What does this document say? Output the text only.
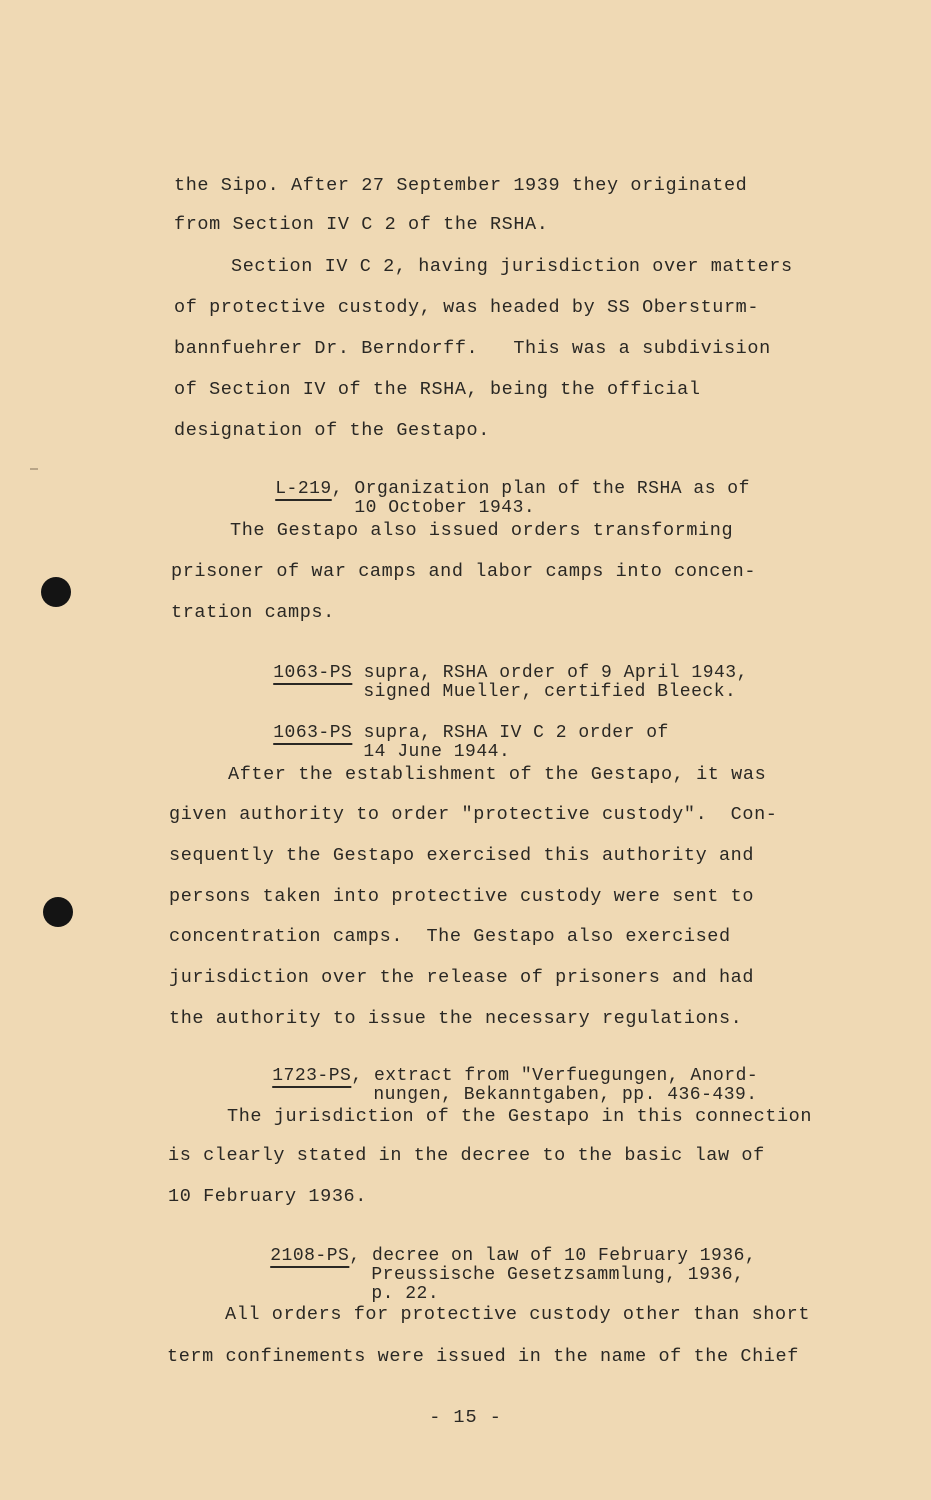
the Sipo. After 27 September 1939 they originated
from Section IV C 2 of the RSHA.
Section IV C 2, having jurisdiction over matters
of protective custody, was headed by SS Obersturm-
bannfuehrer Dr. Berndorff.   This was a subdivision
of Section IV of the RSHA, being the official
designation of the Gestapo.

L-219, Organization plan of the RSHA as of
10 October 1943.

The Gestapo also issued orders transforming
prisoner of war camps and labor camps into concen-
tration camps.

1063-PS supra, RSHA order of 9 April 1943,
signed Mueller, certified Bleeck.

1063-PS supra, RSHA IV C 2 order of
14 June 1944.

After the establishment of the Gestapo, it was
given authority to order "protective custody".  Con-
sequently the Gestapo exercised this authority and
persons taken into protective custody were sent to
concentration camps.  The Gestapo also exercised
jurisdiction over the release of prisoners and had
the authority to issue the necessary regulations.

1723-PS, extract from "Verfuegungen, Anord-
nungen, Bekanntgaben, pp. 436-439.

The jurisdiction of the Gestapo in this connection
is clearly stated in the decree to the basic law of
10 February 1936.

2108-PS, decree on law of 10 February 1936,
Preussische Gesetzsammlung, 1936,
p. 22.

All orders for protective custody other than short
term confinements were issued in the name of the Chief
- 15 -
